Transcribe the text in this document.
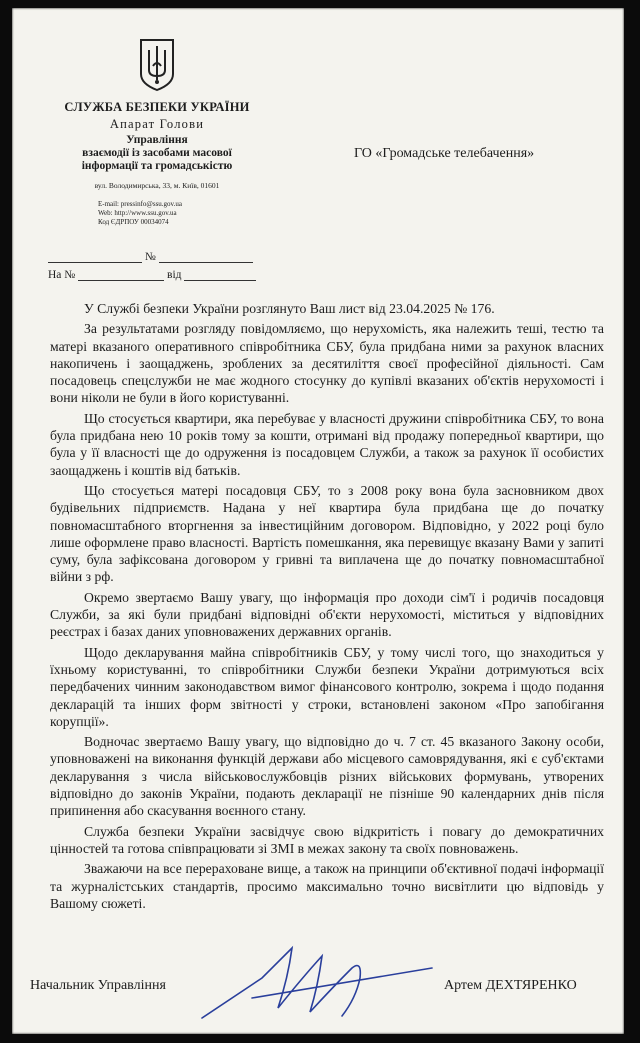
СЛУЖБА БЕЗПЕКИ УКРАЇНИ
Апарат Голови
Управління
взаємодії із засобами масової
інформації та громадськістю
вул. Володимирська, 33, м. Київ, 01601
E-mail: pressinfo@ssu.gov.ua
Web: http://www.ssu.gov.ua
Код ЄДРПОУ 00034074
№
На №	від
ГО «Громадське телебачення»

У Службі безпеки України розглянуто Ваш лист від 23.04.2025 № 176.

За результатами розгляду повідомляємо, що нерухомість, яка належить теші, тестю та матері вказаного оперативного співробітника СБУ, була придбана ними за рахунок власних накопичень і заощаджень, зроблених за десятиліття своєї професійної діяльності. Сам посадовець спецслужби не має жодного стосунку до купівлі вказаних об'єктів нерухомості і вони ніколи не були в його користуванні.

Що стосується квартири, яка перебуває у власності дружини співробітника СБУ, то вона була придбана нею 10 років тому за кошти, отримані від продажу попередньої квартири, що була у її власності ще до одруження із посадовцем Служби, а також за рахунок її особистих заощаджень і коштів від батьків.

Що стосується матері посадовця СБУ, то з 2008 року вона була засновником двох будівельних підприємств. Надана у неї квартира була придбана ще до початку повномасштабного вторгнення за інвестиційним договором. Відповідно, у 2022 році було лише оформлене право власності. Вартість помешкання, яка перевищує вказану Вами у запиті суму, була зафіксована договором у гривні та виплачена ще до початку повномасштабної війни з рф.

Окремо звертаємо Вашу увагу, що інформація про доходи сім'ї і родичів посадовця Служби, за які були придбані відповідні об'єкти нерухомості, міститься у відповідних реєстрах і базах даних уповноважених державних органів.

Щодо декларування майна співробітників СБУ, у тому числі того, що знаходиться у їхньому користуванні, то співробітники Служби безпеки України дотримуються всіх передбачених чинним законодавством вимог фінансового контролю, зокрема і щодо подання декларацій та інших форм звітності у строки, встановлені законом «Про запобігання корупції».

Водночас звертаємо Вашу увагу, що відповідно до ч. 7 ст. 45 вказаного Закону особи, уповноважені на виконання функцій держави або місцевого самоврядування, які є суб'єктами декларування з числа військовослужбовців різних військових формувань, утворених відповідно до законів України, подають декларації не пізніше 90 календарних днів після припинення або скасування воєнного стану.

Служба безпеки України засвідчує свою відкритість і повагу до демократичних цінностей та готова співпрацювати зі ЗМІ в межах закону та своїх повноважень.

Зважаючи на все перераховане вище, а також на принципи об'єктивної подачі інформації та журналістських стандартів, просимо максимально точно висвітлити цю відповідь у Вашому сюжеті.

Начальник Управління	Артем ДЕХТЯРЕНКО
